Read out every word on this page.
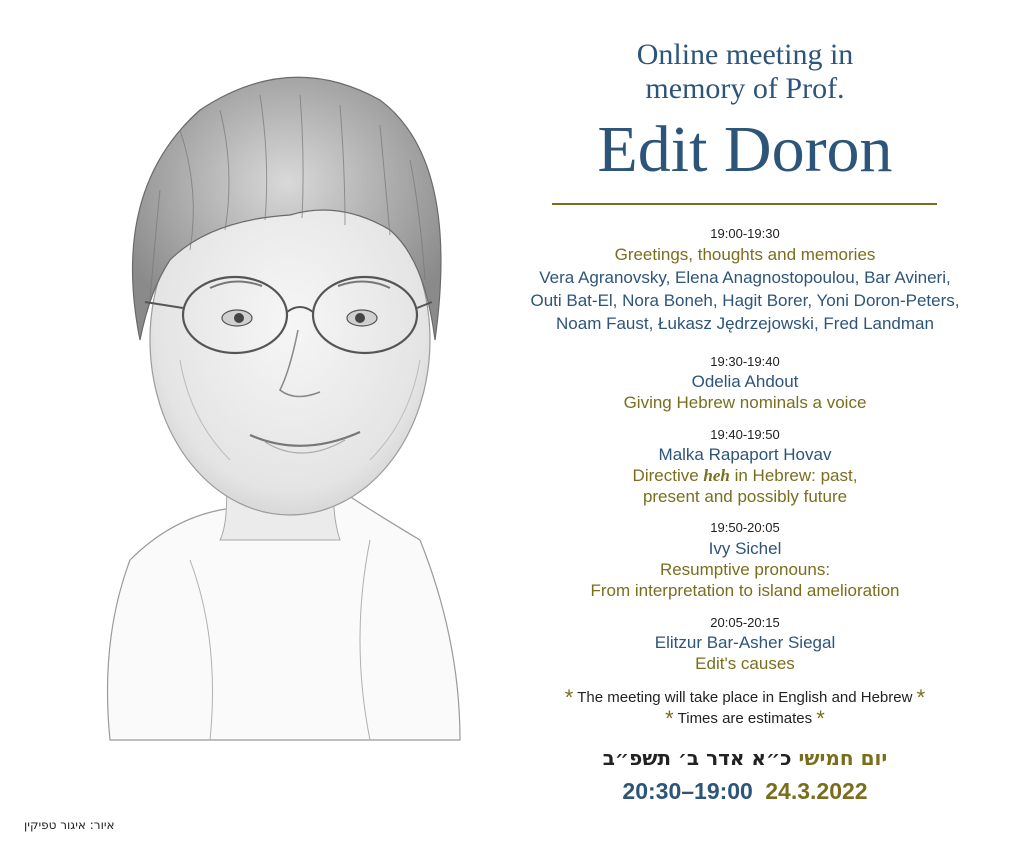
איור: איגור טפיקין
Online meeting in
memory of Prof.
Edit Doron
19:00-19:30
Greetings, thoughts and memories
Vera Agranovsky, Elena Anagnostopoulou, Bar Avineri,
Outi Bat-El, Nora Boneh, Hagit Borer, Yoni Doron-Peters,
Noam Faust, Łukasz Jędrzejowski, Fred Landman
19:30-19:40
Odelia Ahdout
Giving Hebrew nominals a voice
19:40-19:50
Malka Rapaport Hovav
Directive heh in Hebrew: past,
present and possibly future
19:50-20:05
Ivy Sichel
Resumptive pronouns:
From interpretation to island amelioration
20:05-20:15
Elitzur Bar-Asher Siegal
Edit's causes
* The meeting will take place in English and Hebrew *
* Times are estimates *
יום חמישי כ״א אדר ב׳ תשפ״ב
20:30–19:00 24.3.2022
